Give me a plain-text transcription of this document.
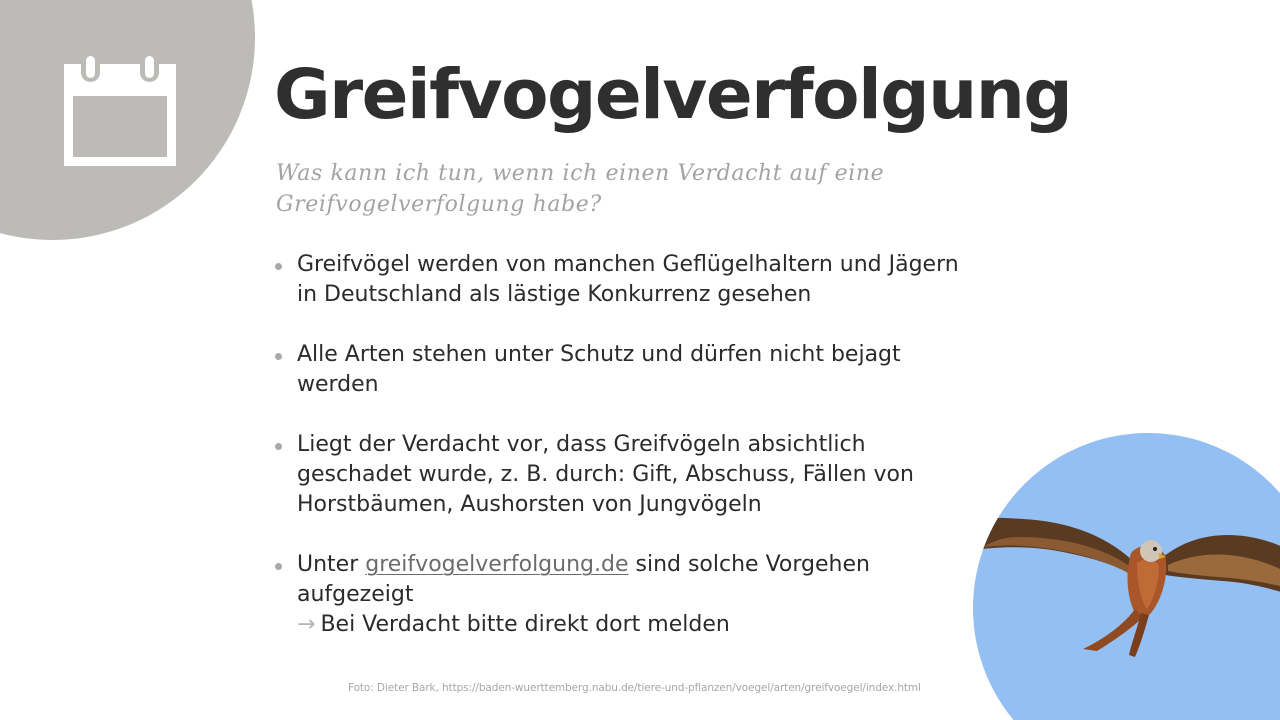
Greifvogelverfolgung

Was kann ich tun, wenn ich einen Verdacht auf eine Greifvogelverfolgung habe?

Greifvögel werden von manchen Geflügelhaltern und Jägern in Deutschland als lästige Konkurrenz gesehen
Alle Arten stehen unter Schutz und dürfen nicht bejagt werden
Liegt der Verdacht vor, dass Greifvögeln absichtlich geschadet wurde, z. B. durch: Gift, Abschuss, Fällen von Horstbäumen, Aushorsten von Jungvögeln
Unter greifvogelverfolgung.de sind solche Vorgehen aufgezeigt
→ Bei Verdacht bitte direkt dort melden

Foto: Dieter Bark, https://baden-wuerttemberg.nabu.de/tiere-und-pflanzen/voegel/arten/greifvoegel/index.html
